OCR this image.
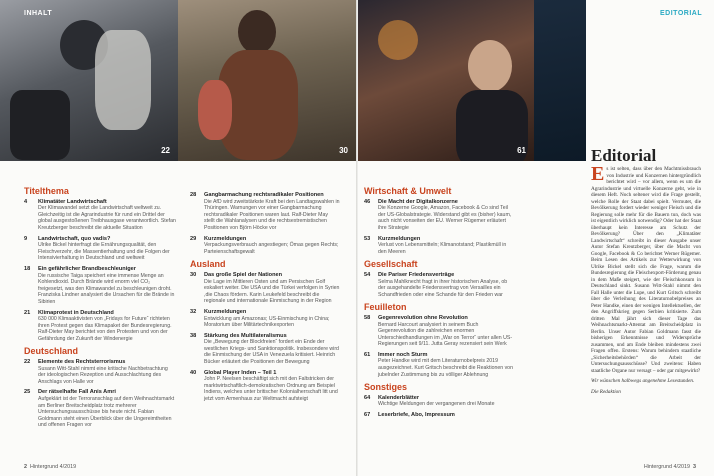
22	30	61
INHALT	EDITORIAL
Titelthema
4	Klimatäter Landwirtschaft
Der Klimawandel setzt die Landwirtschaft weltweit zu. Gleichzeitig ist die Agrarindustrie für rund ein Drittel der global ausgestoßenen Treibhausgase verantwortlich. Stefan Kreutzberger beschreibt die aktuelle Situation
9	Landwirtschaft, quo vadis?
Ulrike Bickel hinterfragt die Ernährungsqualität, den Fleischverzehr, die Massentierhaltung und die Folgen der Intensivierhaltung in Deutschland und weltweit
18	Ein gefährlicher Brandbeschleuniger
Die russische Taiga speichert eine immense Menge an Kohlendioxid. Durch Brände wird enorm viel CO₂ freigesetzt, was den Klimawandel zu beschleunigen droht. Franziska Lindner analysiert die Ursachen für die Brände in Sibirien
21	Klimaprotest in Deutschland
630 000 Klimaaktivisten von „Fridays for Future“ richteten ihren Protest gegen das Klimapaket der Bundesregierung. Ralf-Dieter May berichtet von den Protesten und von der Gefährdung der Zukunft der Windenergie
Deutschland
22	Elemente des Rechtsterrorismus
Susann Witt-Stahl nimmt eine kritische Nachbetrachtung der ideologischen Rezeption und Ausschlachtung des Anschlags von Halle vor
25	Der rätselhafte Fall Anis Amri
Aufgeklärt ist der Terroranschlag auf dem Weihnachtsmarkt am Berliner Breitscheidplatz trotz mehrerer Untersuchungsausschüsse bis heute nicht. Fabian Goldmann steht einen Überblick über die Ungereimtheiten und offenen Fragen vor
28	Gangbarmachung rechtsradikaler Positionen
Die AfD wird zweitstärkste Kraft bei den Landtagswahlen in Thüringen. Warnungen vor einer Gangbarmachung rechtsradikaler Positionen waren laut. Ralf-Dieter May stellt die Wahlanalysen und die rechtsextremistischen Positionen von Björn Höcke vor
29	Kurzmeldungen
Verpackungsverbrauch angestiegen; Ömas gegen Rechts; Parteienschaftsgewalt
Ausland
30	Das große Spiel der Nationen
Die Lage im Mittleren Osten und am Persischen Golf eskaliert weiter. Die USA und die Türkei verfolgen in Syrien ,die Chaos fördern. Karin Leukefeld beschreibt die regionale und internationale Einmischung in der Region
32	Kurzmeldungen
Entwicklung am Amazonas; US-Einmischung in China; Moratorium über Militärtechnikexporten
38	Stärkung des Multilateralismus
Die „Bewegung der Blockfreien“ fordert ein Ende der westlichen Kriegs- und Sanktionspolitik. Insbesondere wird die Einmischung der USA in Venezuela kritisiert. Heinrich Bücker erläutert die Positionen der Bewegung
40	Global Player Inden – Teil 1
John P. Neelsen beschäftigt sich mit den Faltstricken der marktwirtschaftlich-demokratischen Ordnung am Beispiel Indiens, welches unter britischer Kolonialherrschaft litt und jetzt vom Armenhaus zur Weltmacht aufsteigt
Wirtschaft & Umwelt
46	Die Macht der Digitalkonzerne
Die Konzerne Google, Amazon, Facebook & Co sind Teil der US-Globalstrategie. Widerstand gibt es (bisher) kaum, auch nicht vonseiten der EU. Werner Rügemer erläutert ihre Strategie
53	Kurzmeldungen
Verlust von Lebensmitteln; Klimanotstand; Plastikmüll in den Meeren
Gesellschaft
54	Die Pariser Friedensverträge
Selma Mahlknecht fragt in ihrer historischen Analyse, ob der ausgehandelte Friedensvertrag von Versailles ein Schandfrieden oder eine Schande für den Frieden war
Feuilleton
58	Gegenrevolution ohne Revolution
Bernard Harcourt analysiert in seinem Buch Gegenrevolution die zahlreichen enormen Unterschiedhandlungen im „War on Terror“ unter allen US-Regierungen seit 9/11. Jutta Geray rezensiert sein Werk
61	Immer noch Sturm
Peter Handke wird mit dem Literaturnobelpreis 2019 ausgezeichnet. Kurt Gritsch beschreibt die Reaktionen von jubelnder Zustimmung bis zu völliger Ablehnung
Sonstiges
64	Kalenderblätter
Wichtige Meldungen der vergangenen drei Monate
67	Leserbriefe, Abo, Impressum
Editorial
Es ist selten, dass über den Machtmissbrauch von Industrie und Konzernen hintergründlich berichtet wird – vor allem, wenn es um die Agrarindustrie und virtuelle Konzerne geht, wie in diesem Heft. Noch seltener wird die Frage gestellt, welche Rolle der Staat dabei spielt. Vermutet, die Bevölkerung fordert wieder weniger Fleisch und die Regierung solle mehr für die Bauern tun, doch was ist eigentlich wirklich notwendig? Oder hat der Staat überhaupt kein Interesse am Schutz der Bevölkerung? Über den „Klimatäter Landwirtschaft“ schreibt in dieser Ausgabe unser Autor Stefan Kreutzberger, über die Macht von Google, Facebook & Co berichtet Werner Rügemer. Beim Lesen des Artikels zur Wetterwirkung von Ulrike Bickel stellt sich die Frage, warum die Bundesregierung die Fleischexport-Förderung genau in dem Maße steigert, wie der Fleischkonsum in Deutschland sinkt. Susann Witt-Stahl nimmt den Fall Halle unter die Lupe, und Kurt Gritsch schreibt über die Verleihung des Literaturnobelpreises an Peter Handke, einen der wenigen Intellektuellen, der den Angriffskrieg gegen Serbien kritisierte. Zum dritten Mal jährt sich dieser Tage das Weihnachtsmarkt-Attentat am Breitscheidplatz in Berlin. Unser Autor Fabian Goldmann fasst die bisherigen Erkenntnisse und Widersprüche zusammen, und am Ende bleiben mindestens zwei Fragen offen. Erstens: Warum behindern staatliche „Sicherheitsbehörden“ die Arbeit der Untersuchungsausschüsse? Und zweitens: Haben staatliche Organe nur versagt – oder gar mitgewirkt?
Wir wünschen halbwegs angenehme Lesestunden.
Die Redaktion
2 Hintergrund 4/2019	Hintergrund 4/2019 3
